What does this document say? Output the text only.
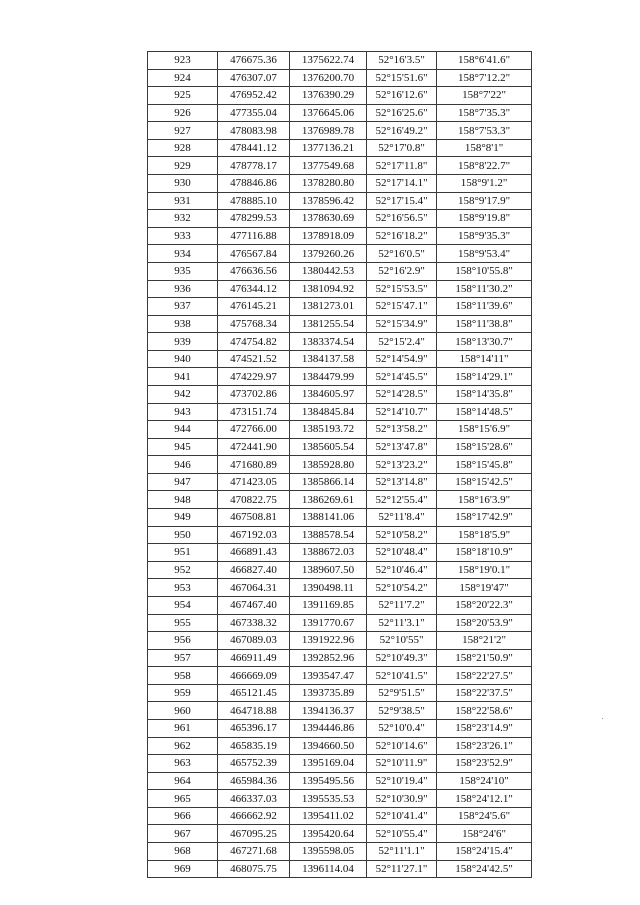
923	476675.36	1375622.74	52°16'3.5"	158°6'41.6"
924	476307.07	1376200.70	52°15'51.6"	158°7'12.2"
925	476952.42	1376390.29	52°16'12.6"	158°7'22"
926	477355.04	1376645.06	52°16'25.6"	158°7'35.3"
927	478083.98	1376989.78	52°16'49.2"	158°7'53.3"
928	478441.12	1377136.21	52°17'0.8"	158°8'1"
929	478778.17	1377549.68	52°17'11.8"	158°8'22.7"
930	478846.86	1378280.80	52°17'14.1"	158°9'1.2"
931	478885.10	1378596.42	52°17'15.4"	158°9'17.9"
932	478299.53	1378630.69	52°16'56.5"	158°9'19.8"
933	477116.88	1378918.09	52°16'18.2"	158°9'35.3"
934	476567.84	1379260.26	52°16'0.5"	158°9'53.4"
935	476636.56	1380442.53	52°16'2.9"	158°10'55.8"
936	476344.12	1381094.92	52°15'53.5"	158°11'30.2"
937	476145.21	1381273.01	52°15'47.1"	158°11'39.6"
938	475768.34	1381255.54	52°15'34.9"	158°11'38.8"
939	474754.82	1383374.54	52°15'2.4"	158°13'30.7"
940	474521.52	1384137.58	52°14'54.9"	158°14'11"
941	474229.97	1384479.99	52°14'45.5"	158°14'29.1"
942	473702.86	1384605.97	52°14'28.5"	158°14'35.8"
943	473151.74	1384845.84	52°14'10.7"	158°14'48.5"
944	472766.00	1385193.72	52°13'58.2"	158°15'6.9"
945	472441.90	1385605.54	52°13'47.8"	158°15'28.6"
946	471680.89	1385928.80	52°13'23.2"	158°15'45.8"
947	471423.05	1385866.14	52°13'14.8"	158°15'42.5"
948	470822.75	1386269.61	52°12'55.4"	158°16'3.9"
949	467508.81	1388141.06	52°11'8.4"	158°17'42.9"
950	467192.03	1388578.54	52°10'58.2"	158°18'5.9"
951	466891.43	1388672.03	52°10'48.4"	158°18'10.9"
952	466827.40	1389607.50	52°10'46.4"	158°19'0.1"
953	467064.31	1390498.11	52°10'54.2"	158°19'47"
954	467467.40	1391169.85	52°11'7.2"	158°20'22.3"
955	467338.32	1391770.67	52°11'3.1"	158°20'53.9"
956	467089.03	1391922.96	52°10'55"	158°21'2"
957	466911.49	1392852.96	52°10'49.3"	158°21'50.9"
958	466669.09	1393547.47	52°10'41.5"	158°22'27.5"
959	465121.45	1393735.89	52°9'51.5"	158°22'37.5"
960	464718.88	1394136.37	52°9'38.5"	158°22'58.6"
961	465396.17	1394446.86	52°10'0.4"	158°23'14.9"
962	465835.19	1394660.50	52°10'14.6"	158°23'26.1"
963	465752.39	1395169.04	52°10'11.9"	158°23'52.9"
964	465984.36	1395495.56	52°10'19.4"	158°24'10"
965	466337.03	1395535.53	52°10'30.9"	158°24'12.1"
966	466662.92	1395411.02	52°10'41.4"	158°24'5.6"
967	467095.25	1395420.64	52°10'55.4"	158°24'6"
968	467271.68	1395598.05	52°11'1.1"	158°24'15.4"
969	468075.75	1396114.04	52°11'27.1"	158°24'42.5"
